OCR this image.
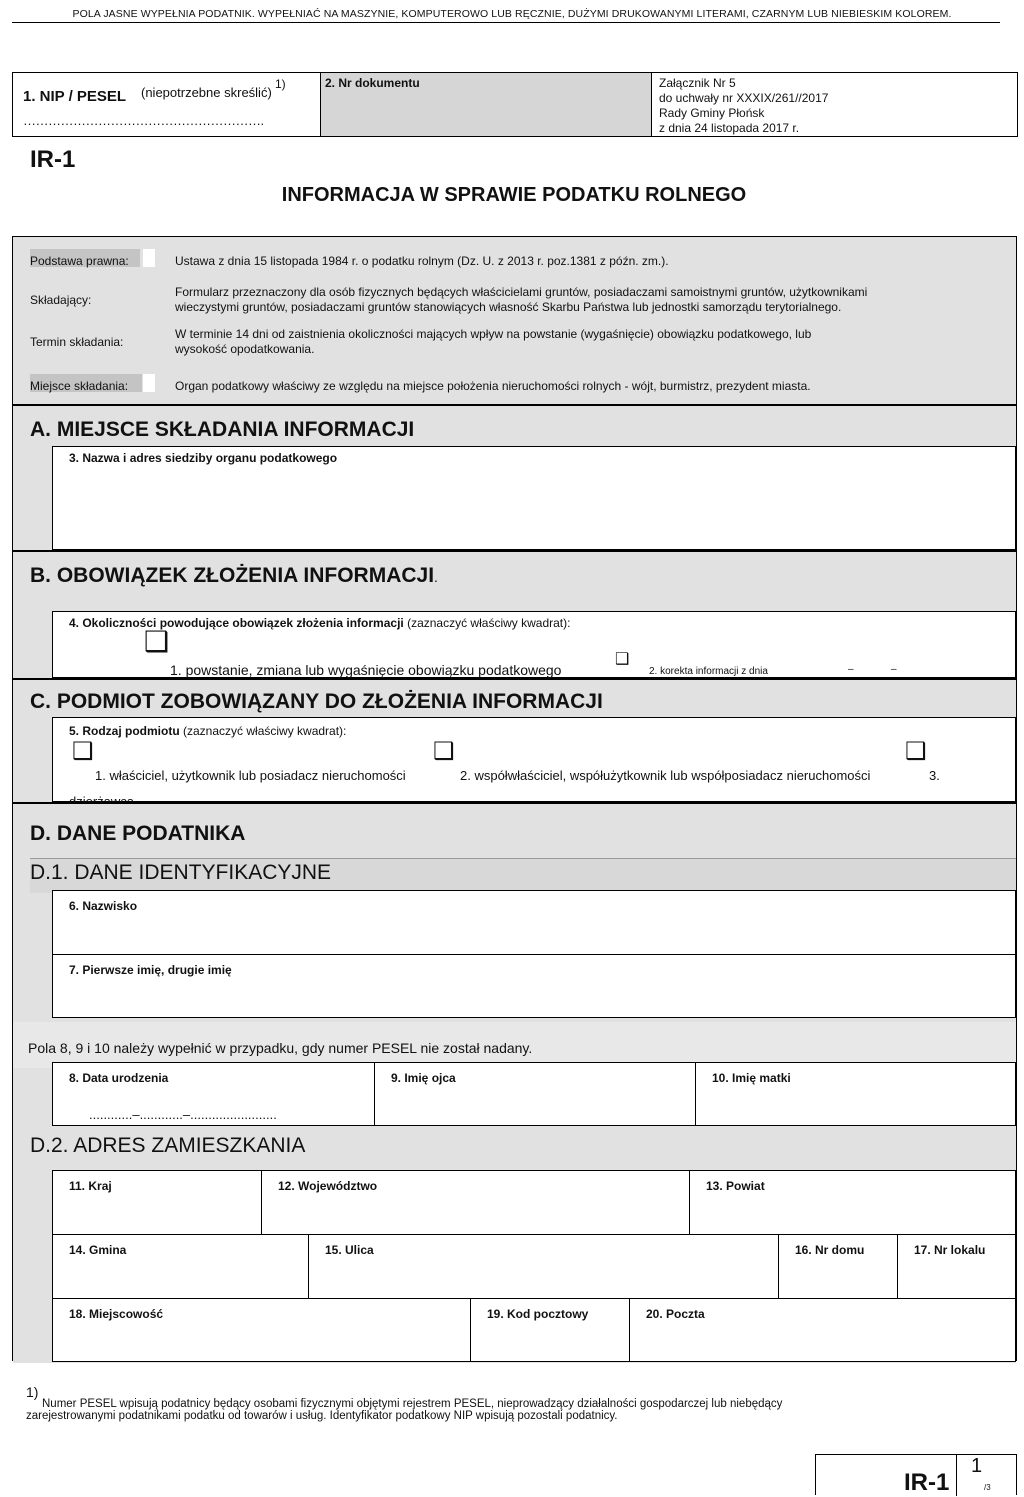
POLA JASNE WYPEŁNIA PODATNIK. WYPEŁNIAĆ NA MASZYNIE, KOMPUTEROWO LUB RĘCZNIE, DUŻYMI DRUKOWANYMI LITERAMI, CZARNYM LUB NIEBIESKIM KOLOREM.
1. NIP / PESEL (niepotrzebne skreślić)
1)
………………………………………………….
2. Nr dokumentu	Załącznik Nr 5
do uchwały nr XXXIX/261//2017
Rady Gminy Płońsk
z dnia 24 listopada 2017 r.
IR-1
INFORMACJA W SPRAWIE PODATKU ROLNEGO
Podstawa prawna:	Ustawa z dnia 15 listopada 1984 r. o podatku rolnym (Dz. U. z 2013 r. poz.1381 z późn. zm.).
Składający:
Formularz przeznaczony dla osób fizycznych będących właścicielami gruntów, posiadaczami samoistnymi gruntów, użytkownikami
wieczystymi gruntów, posiadaczami gruntów stanowiących własność Skarbu Państwa lub jednostki samorządu terytorialnego.
Termin składania:
W terminie 14 dni od zaistnienia okoliczności mających wpływ na powstanie (wygaśnięcie) obowiązku podatkowego, lub
wysokość opodatkowania.
Miejsce składania:	Organ podatkowy właściwy ze względu na miejsce położenia nieruchomości rolnych - wójt, burmistrz, prezydent miasta.
A. MIEJSCE SKŁADANIA INFORMACJI
3. Nazwa i adres siedziby organu podatkowego
B. OBOWIĄZEK ZŁOŻENIA INFORMACJI.
4. Okoliczności powodujące obowiązek złożenia informacji (zaznaczyć właściwy kwadrat):
❑
1. powstanie, zmiana lub wygaśnięcie obowiązku podatkowego
❑
2. korekta informacji z dnia	–	–
C. PODMIOT ZOBOWIĄZANY DO ZŁOŻENIA INFORMACJI
5. Rodzaj podmiotu (zaznaczyć właściwy kwadrat):
❑
1. właściciel, użytkownik lub posiadacz nieruchomości
❑
2. współwłaściciel, współużytkownik lub współposiadacz nieruchomości
❑
3.
D. DANE PODATNIKA
D.1. DANE IDENTYFIKACYJNE
Pola 8, 9 i 10 należy wypełnić w przypadku, gdy numer PESEL nie został nadany.
D.2. ADRES ZAMIESZKANIA
6. Nazwisko
7. Pierwsze imię, drugie imię
8. Data urodzenia
............–............–........................
9. Imię ojca	10. Imię matki
11. Kraj	12. Województwo	13. Powiat
14. Gmina	15. Ulica	16. Nr domu	17. Nr lokalu
18. Miejscowość	19. Kod pocztowy	20. Poczta
1)
Numer PESEL wpisują podatnicy będący osobami fizycznymi objętymi rejestrem PESEL, nieprowadzący działalności gospodarczej lub niebędący
zarejestrowanymi podatnikami podatku od towarów i usług. Identyfikator podatkowy NIP wpisują pozostali podatnicy.
IR-1
1
/3
